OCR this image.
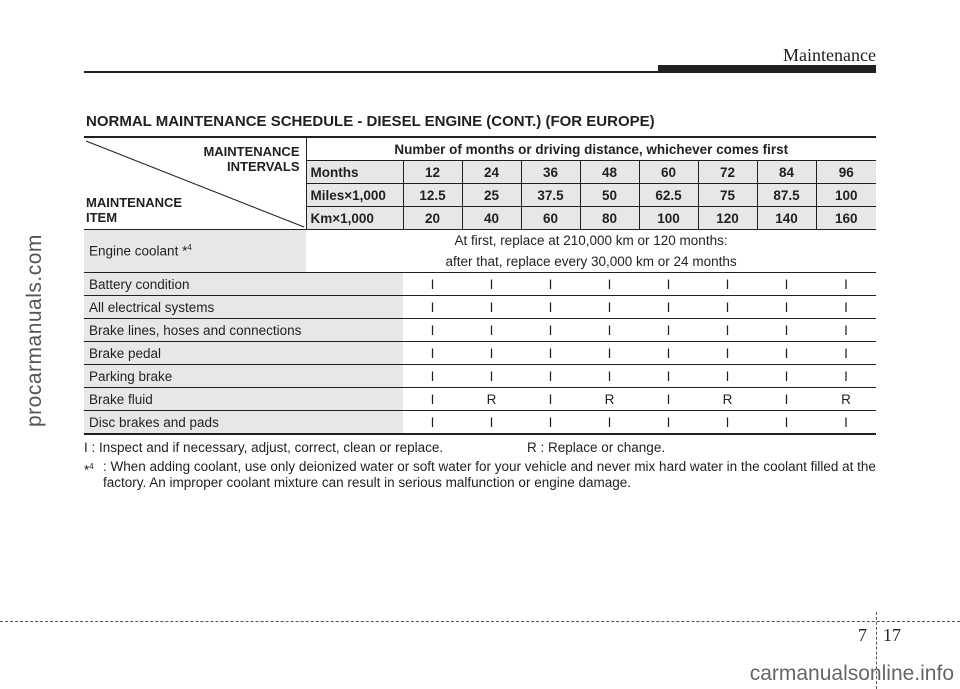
Maintenance
procarmanuals.com
NORMAL MAINTENANCE SCHEDULE - DIESEL ENGINE (CONT.) (FOR EUROPE)
MAINTENANCE
INTERVALS
MAINTENANCE
ITEM	Number of months or driving distance, whichever comes first								
	Months	12	24	36	48	60	72	84	96
	Miles×1,000	12.5	25	37.5	50	62.5	75	87.5	100
	Km×1,000	20	40	60	80	100	120	140	160
Engine coolant *$^4$	At first, replace at 210,000 km or 120 months:
after that, replace every 30,000 km or 24 months								

Battery condition		I	I	I	I	I	I	I	I
All electrical systems		I	I	I	I	I	I	I	I
Brake lines, hoses and connections		I	I	I	I	I	I	I	I
Brake pedal		I	I	I	I	I	I	I	I
Parking brake		I	I	I	I	I	I	I	I
Brake fluid		I	R	I	R	I	R	I	R
Disc brakes and pads		I	I	I	I	I	I	I	I
I : Inspect and if necessary, adjust, correct, clean or replace.	R : Replace or change.
*$^4$ : When adding coolant, use only deionized water or soft water for your vehicle and never mix hard water in the coolant filled at the factory. An improper coolant mixture can result in serious malfunction or engine damage.
7 17
carmanualsonline.info
